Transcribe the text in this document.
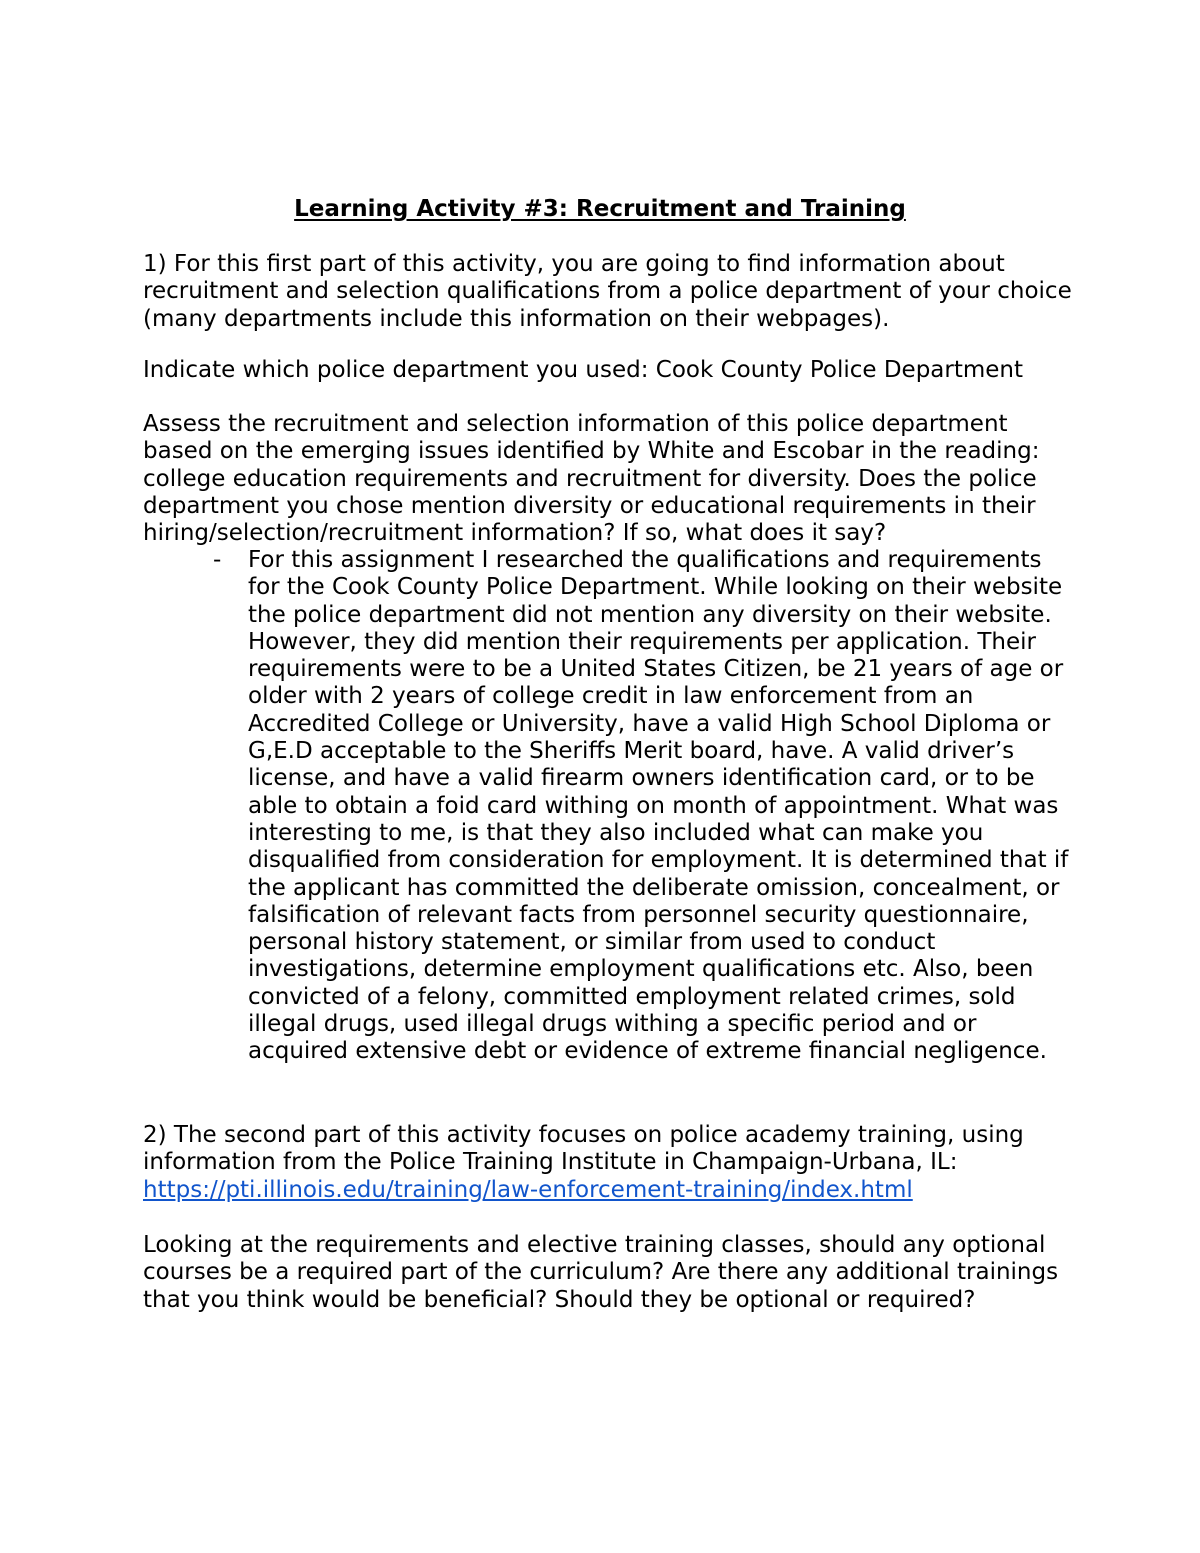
Learning Activity #3: Recruitment and Training

1) For this first part of this activity, you are going to find information about recruitment and selection qualifications from a police department of your choice (many departments include this information on their webpages).

Indicate which police department you used: Cook County Police Department

Assess the recruitment and selection information of this police department based on the emerging issues identified by White and Escobar in the reading: college education requirements and recruitment for diversity. Does the police department you chose mention diversity or educational requirements in their hiring/selection/recruitment information? If so, what does it say?

- For this assignment I researched the qualifications and requirements for the Cook County Police Department. While looking on their website the police department did not mention any diversity on their website. However, they did mention their requirements per application. Their requirements were to be a United States Citizen, be 21 years of age or older with 2 years of college credit in law enforcement from an Accredited College or University, have a valid High School Diploma or G,E.D acceptable to the Sheriffs Merit board, have. A valid driver’s license, and have a valid firearm owners identification card, or to be able to obtain a foid card withing on month of appointment. What was interesting to me, is that they also included what can make you disqualified from consideration for employment. It is determined that if the applicant has committed the deliberate omission, concealment, or falsification of relevant facts from personnel security questionnaire, personal history statement, or similar from used to conduct investigations, determine employment qualifications etc. Also, been convicted of a felony, committed employment related crimes, sold illegal drugs, used illegal drugs withing a specific period and or acquired extensive debt or evidence of extreme financial negligence.

2) The second part of this activity focuses on police academy training, using information from the Police Training Institute in Champaign-Urbana, IL:
https://pti.illinois.edu/training/law-enforcement-training/index.html

Looking at the requirements and elective training classes, should any optional courses be a required part of the curriculum? Are there any additional trainings that you think would be beneficial? Should they be optional or required?
